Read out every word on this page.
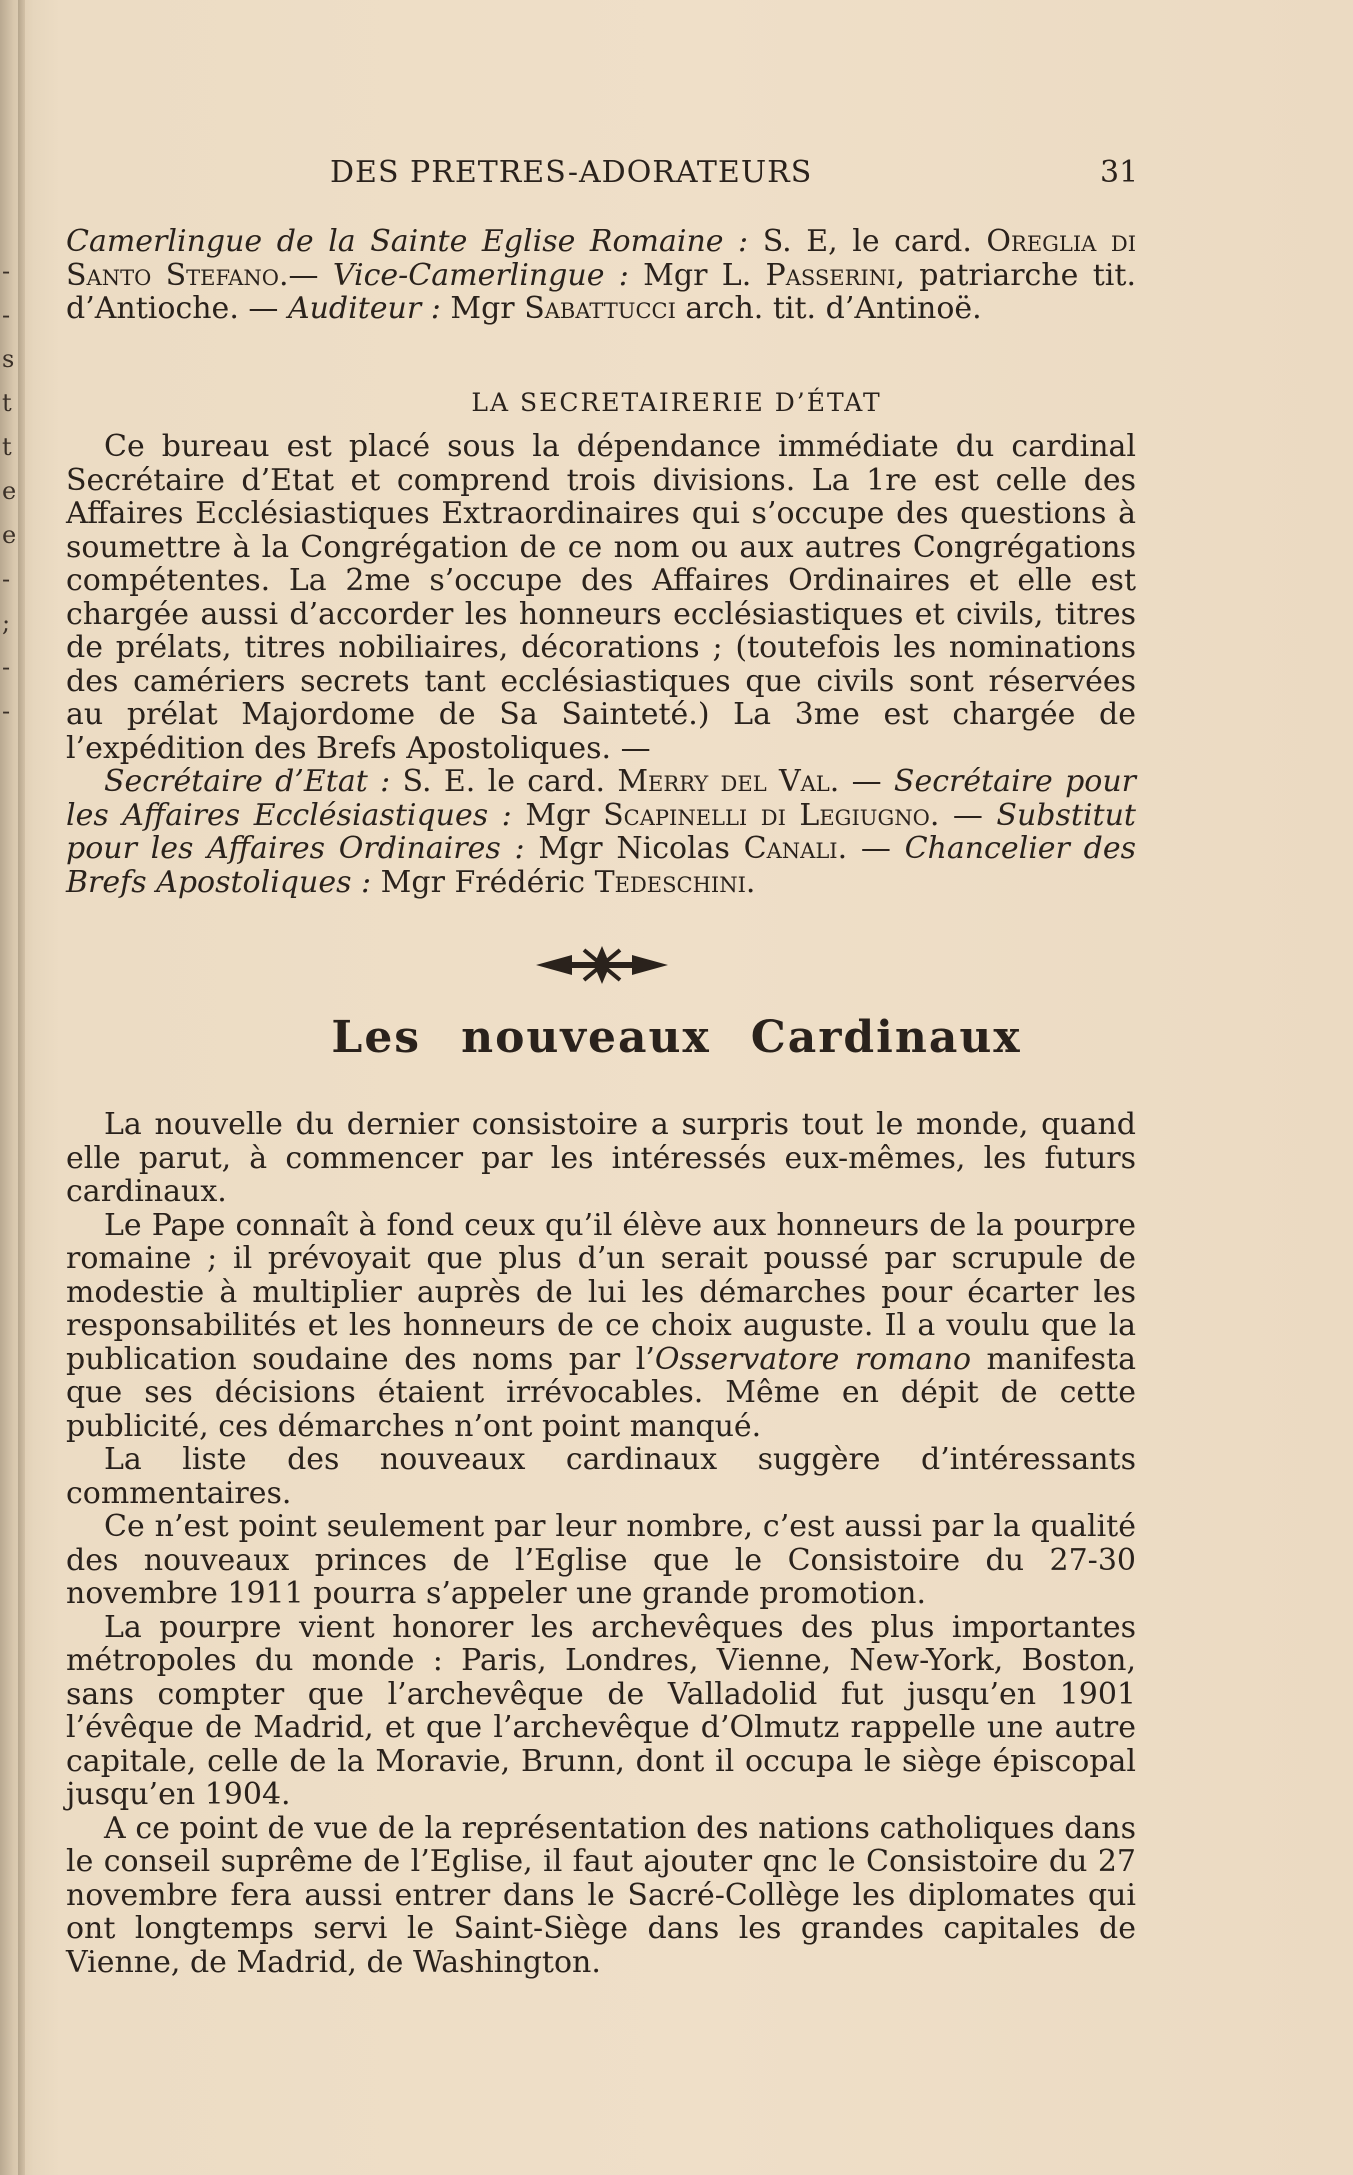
-
-
s
t
t
e
e
-
;
-
-
DES PRETRES-ADORATEURS	31

Camerlingue de la Sainte Eglise Romaine : S. E, le card. Oreglia di Santo Stefano.— Vice-Camerlingue : Mgr L. Passerini, patriarche tit. d’Antioche. — Auditeur : Mgr Sabattucci arch. tit. d’Antinoë.

LA SECRETAIRERIE D’ÉTAT

Ce bureau est placé sous la dépendance immédiate du cardinal Secrétaire d’Etat et comprend trois divisions. La 1re est celle des Affaires Ecclésiastiques Extraordinaires qui s’occupe des questions à soumettre à la Congrégation de ce nom ou aux autres Congrégations compétentes. La 2me s’occupe des Affaires Ordinaires et elle est chargée aussi d’accorder les honneurs ecclésiastiques et civils, titres de prélats, titres nobiliaires, décorations ; (toutefois les nominations des camériers secrets tant ecclésiastiques que civils sont réservées au prélat Majordome de Sa Sainteté.) La 3me est chargée de l’expédition des Brefs Apostoliques. —

Secrétaire d’Etat : S. E. le card. Merry del Val. — Secrétaire pour les Affaires Ecclésiastiques : Mgr Scapinelli di Legiugno. — Substitut pour les Affaires Ordinaires : Mgr Nicolas Canali. — Chancelier des Brefs Apostoliques : Mgr Frédéric Tedeschini.

Les nouveaux Cardinaux

La nouvelle du dernier consistoire a surpris tout le monde, quand elle parut, à commencer par les intéressés eux-mêmes, les futurs cardinaux.

Le Pape connaît à fond ceux qu’il élève aux honneurs de la pourpre romaine ; il prévoyait que plus d’un serait poussé par scrupule de modestie à multiplier auprès de lui les démarches pour écarter les responsabilités et les honneurs de ce choix auguste. Il a voulu que la publication soudaine des noms par l’Osservatore romano manifesta que ses décisions étaient irrévocables. Même en dépit de cette publicité, ces démarches n’ont point manqué.

La liste des nouveaux cardinaux suggère d’intéressants commentaires.

Ce n’est point seulement par leur nombre, c’est aussi par la qualité des nouveaux princes de l’Eglise que le Consistoire du 27-30 novembre 1911 pourra s’appeler une grande promotion.

La pourpre vient honorer les archevêques des plus importantes métropoles du monde : Paris, Londres, Vienne, New-York, Boston, sans compter que l’archevêque de Valladolid fut jusqu’en 1901 l’évêque de Madrid, et que l’archevêque d’Olmutz rappelle une autre capitale, celle de la Moravie, Brunn, dont il occupa le siège épiscopal jusqu’en 1904.

A ce point de vue de la représentation des nations catholiques dans le conseil suprême de l’Eglise, il faut ajouter qnc le Consistoire du 27 novembre fera aussi entrer dans le Sacré-Collège les diplomates qui ont longtemps servi le Saint-Siège dans les grandes capitales de Vienne, de Madrid, de Washington.
